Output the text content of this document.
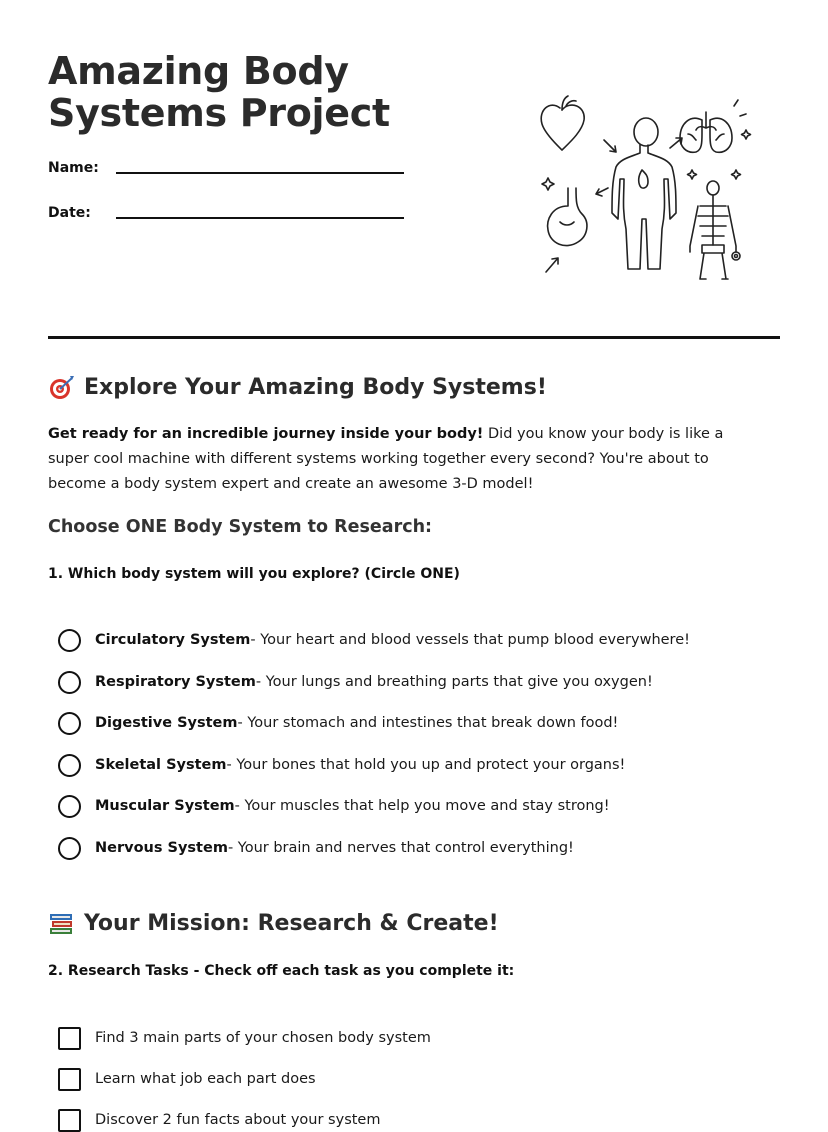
Amazing Body Systems Project
Name:
Date:
Explore Your Amazing Body Systems!

Get ready for an incredible journey inside your body! Did you know your body is like a super cool machine with different systems working together every second? You're about to become a body system expert and create an awesome 3-D model!

Choose ONE Body System to Research:
1. Which body system will you explore? (Circle ONE)
Circulatory System - Your heart and blood vessels that pump blood everywhere!
Respiratory System - Your lungs and breathing parts that give you oxygen!
Digestive System - Your stomach and intestines that break down food!
Skeletal System - Your bones that hold you up and protect your organs!
Muscular System - Your muscles that help you move and stay strong!
Nervous System - Your brain and nerves that control everything!
Your Mission: Research & Create!
2. Research Tasks - Check off each task as you complete it:
Find 3 main parts of your chosen body system
Learn what job each part does
Discover 2 fun facts about your system
